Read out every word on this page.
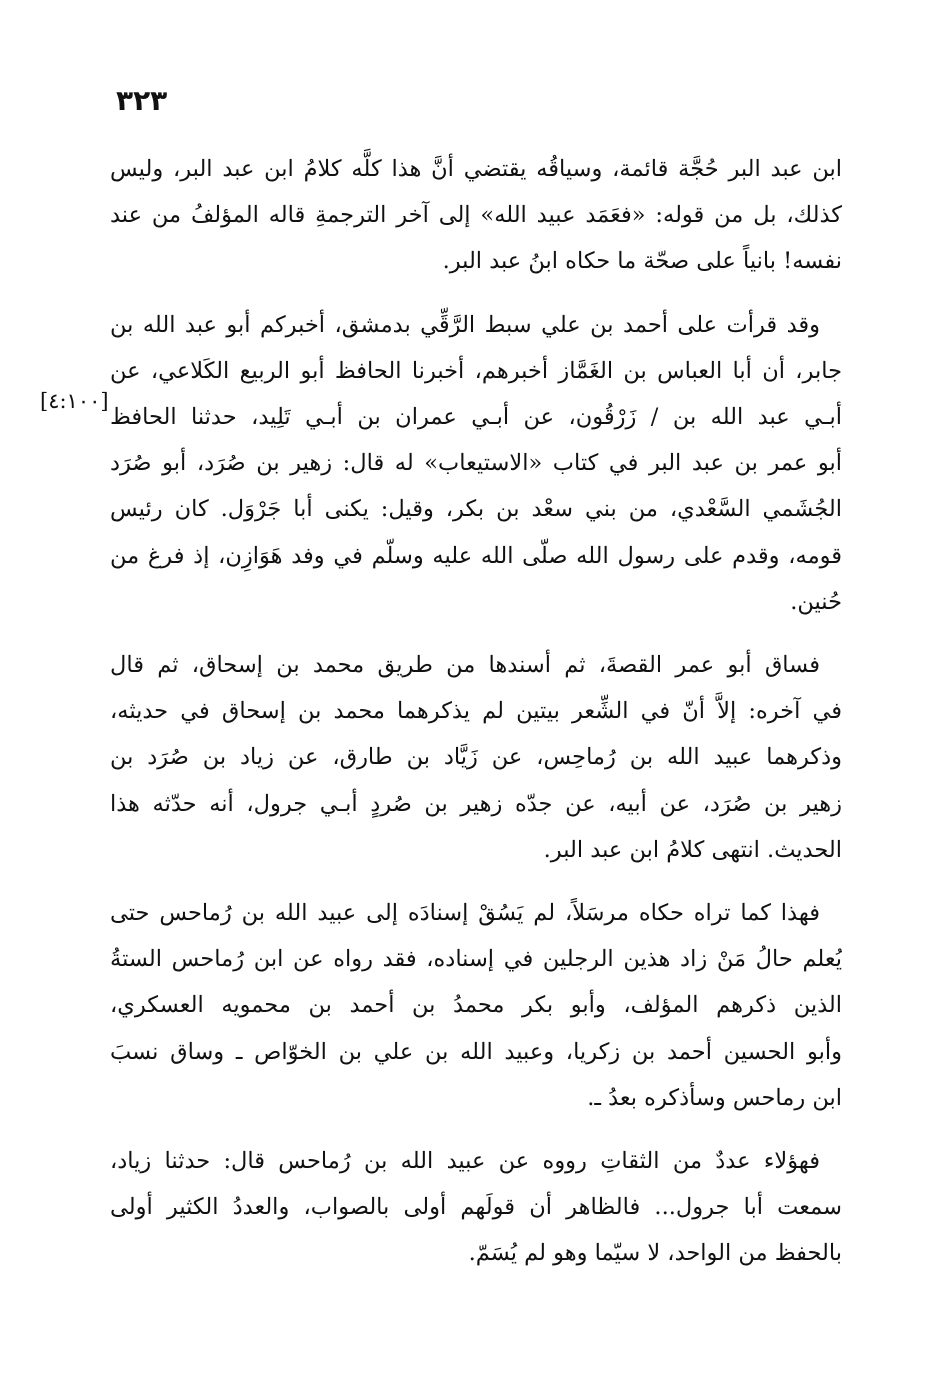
٣٢٣
[٤:١٠٠]

ابن عبد البر حُجَّة قائمة، وسياقُه يقتضي أنَّ هذا كلَّه كلامُ ابن عبد البر، وليس
كذلك، بل من قوله: «فعَمَد عبيد الله» إلى آخر الترجمةِ قاله المؤلفُ من عند
نفسه! بانياً على صحّة ما حكاه ابنُ عبد البر.

وقد قرأت على أحمد بن علي سبط الرَّقِّي بدمشق، أخبركم أبو عبد الله بن
جابر، أن أبا العباس بن الغَمَّاز أخبرهم، أخبرنا الحافظ أبو الربيع الكَلاعي، عن
أبـي عبد الله بن / زَرْقُون، عن أبـي عمران بن أبـي تَلِيد، حدثنا الحافظ
أبو عمر بن عبد البر في كتاب «الاستيعاب» له قال: زهير بن صُرَد، أبو صُرَد
الجُشَمي السَّعْدي، من بني سعْد بن بكر، وقيل: يكنى أبا جَرْوَل. كان رئيس
قومه، وقدم على رسول الله صلّى الله عليه وسلّم في وفد هَوَازِن، إذ فرغ من
حُنين.

فساق أبو عمر القصةَ، ثم أسندها من طريق محمد بن إسحاق، ثم قال
في آخره: إلاَّ أنّ في الشِّعر بيتين لم يذكرهما محمد بن إسحاق في حديثه،
وذكرهما عبيد الله بن رُماحِس، عن زَيَّاد بن طارق، عن زياد بن صُرَد بن
زهير بن صُرَد، عن أبيه، عن جدّه زهير بن صُردٍ أبـي جرول، أنه حدّثه هذا
الحديث. انتهى كلامُ ابن عبد البر.

فهذا كما تراه حكاه مرسَلاً، لم يَسُقْ إسنادَه إلى عبيد الله بن رُماحس حتى
يُعلم حالُ مَنْ زاد هذين الرجلين في إسناده، فقد رواه عن ابن رُماحس الستةُ
الذين ذكرهم المؤلف، وأبو بكر محمدُ بن أحمد بن محمويه العسكري،
وأبو الحسين أحمد بن زكريا، وعبيد الله بن علي بن الخوّاص ـ وساق نسبَ
ابن رماحس وسأذكره بعدُ ـ.

فهؤلاء عددٌ من الثقاتِ رووه عن عبيد الله بن رُماحس قال: حدثنا زياد،
سمعت أبا جرول... فالظاهر أن قولَهم أولى بالصواب، والعددُ الكثير أولى
بالحفظ من الواحد، لا سيّما وهو لم يُسَمّ.
